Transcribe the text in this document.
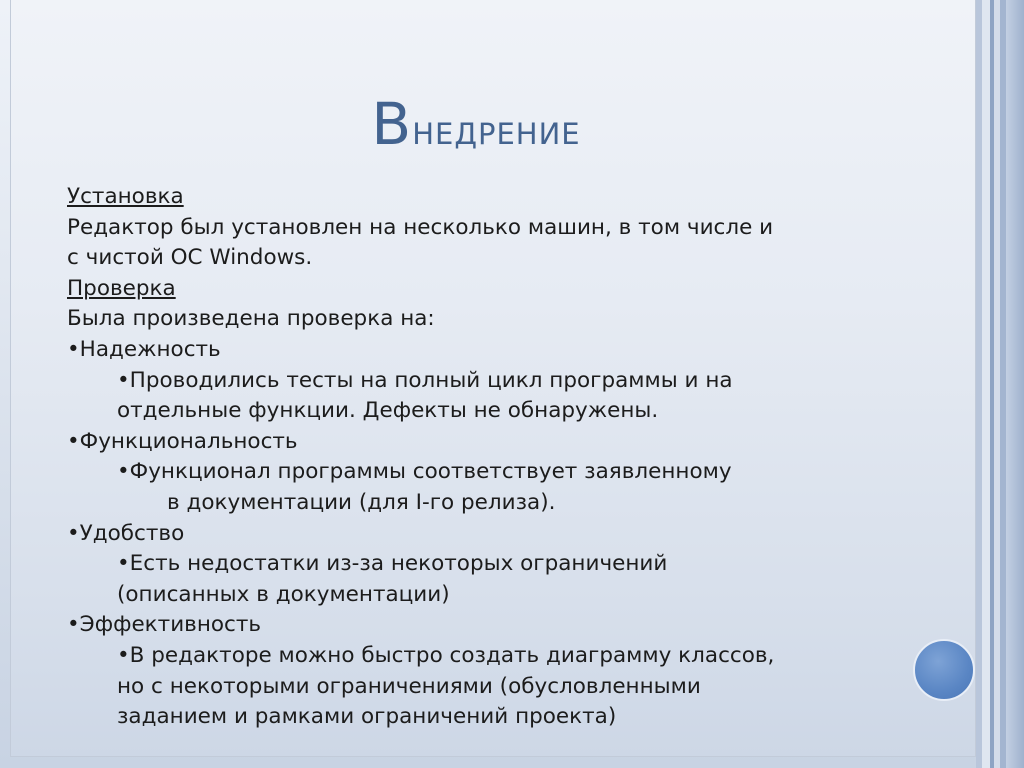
Внедрение
Установка
Редактор был установлен на несколько машин, в том числе и
с чистой ОС Windows.
Проверка
Была произведена проверка на:
•Надежность
•Проводились тесты на полный цикл программы и на
отдельные функции. Дефекты не обнаружены.
•Функциональность
•Функционал программы соответствует заявленному
в документации (для I-го релиза).
•Удобство
•Есть недостатки из-за некоторых ограничений
(описанных в документации)
•Эффективность
•В редакторе можно быстро создать диаграмму классов,
но с некоторыми ограничениями (обусловленными
заданием и рамками ограничений проекта)
